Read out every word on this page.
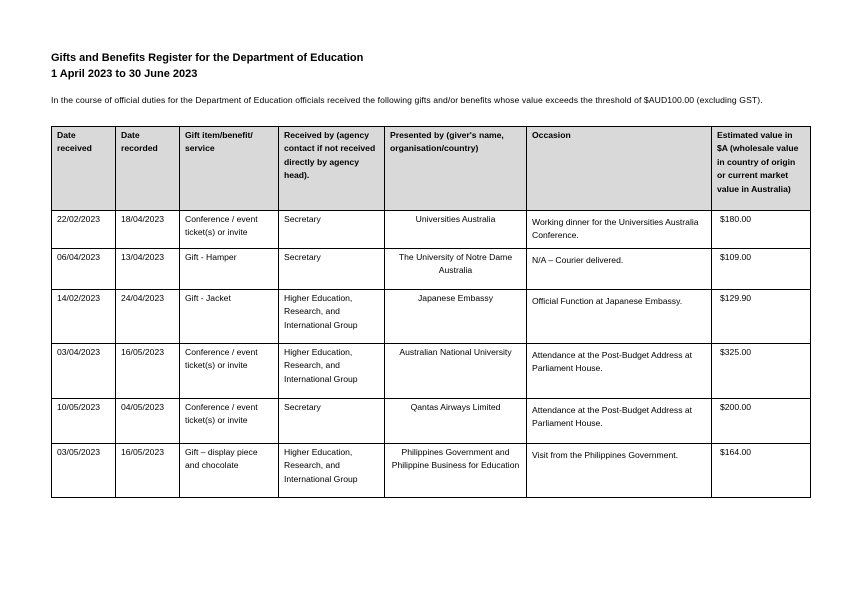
Gifts and Benefits Register for the Department of Education
1 April 2023 to 30 June 2023
In the course of official duties for the Department of Education officials received the following gifts and/or benefits whose value exceeds the threshold of $AUD100.00 (excluding GST).
Date received	Date recorded	Gift item/benefit/ service	Received by (agency contact if not received directly by agency head).	Presented by (giver's name, organisation/country)	Occasion	Estimated value in $A (wholesale value in country of origin or current market value in Australia)
22/02/2023	18/04/2023	Conference / event ticket(s) or invite	Secretary	Universities Australia	Working dinner for the Universities Australia Conference.	$180.00
06/04/2023	13/04/2023	Gift - Hamper	Secretary	The University of Notre Dame Australia	N/A – Courier delivered.	$109.00
14/02/2023	24/04/2023	Gift - Jacket	Higher Education, Research, and International Group	Japanese Embassy	Official Function at Japanese Embassy.	$129.90
03/04/2023	16/05/2023	Conference / event ticket(s) or invite	Higher Education, Research, and International Group	Australian National University	Attendance at the Post-Budget Address at Parliament House.	$325.00
10/05/2023	04/05/2023	Conference / event ticket(s) or invite	Secretary	Qantas Airways Limited	Attendance at the Post-Budget Address at Parliament House.	$200.00
03/05/2023	16/05/2023	Gift – display piece and chocolate	Higher Education, Research, and International Group	Philippines Government and Philippine Business for Education	Visit from the Philippines Government.	$164.00
